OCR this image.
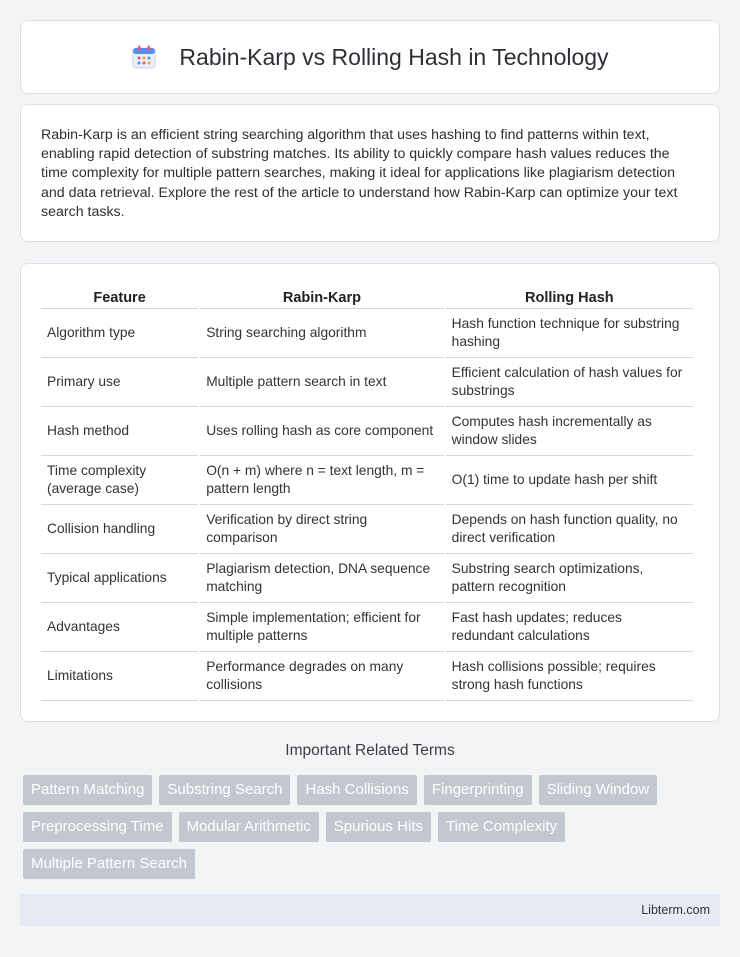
Rabin-Karp vs Rolling Hash in Technology

Rabin-Karp is an efficient string searching algorithm that uses hashing to find patterns within text, enabling rapid detection of substring matches. Its ability to quickly compare hash values reduces the time complexity for multiple pattern searches, making it ideal for applications like plagiarism detection and data retrieval. Explore the rest of the article to understand how Rabin-Karp can optimize your text search tasks.

Feature	Rabin-Karp	Rolling Hash
Algorithm type	String searching algorithm	Hash function technique for substring hashing
Primary use	Multiple pattern search in text	Efficient calculation of hash values for substrings
Hash method	Uses rolling hash as core component	Computes hash incrementally as window slides
Time complexity (average case)	O(n + m) where n = text length, m = pattern length	O(1) time to update hash per shift
Collision handling	Verification by direct string comparison	Depends on hash function quality, no direct verification
Typical applications	Plagiarism detection, DNA sequence matching	Substring search optimizations, pattern recognition
Advantages	Simple implementation; efficient for multiple patterns	Fast hash updates; reduces redundant calculations
Limitations	Performance degrades on many collisions	Hash collisions possible; requires strong hash functions
Important Related Terms
Pattern Matching	Substring Search	Hash Collisions	Fingerprinting	Sliding Window
Preprocessing Time	Modular Arithmetic	Spurious Hits	Time Complexity
Multiple Pattern Search
Libterm.com
